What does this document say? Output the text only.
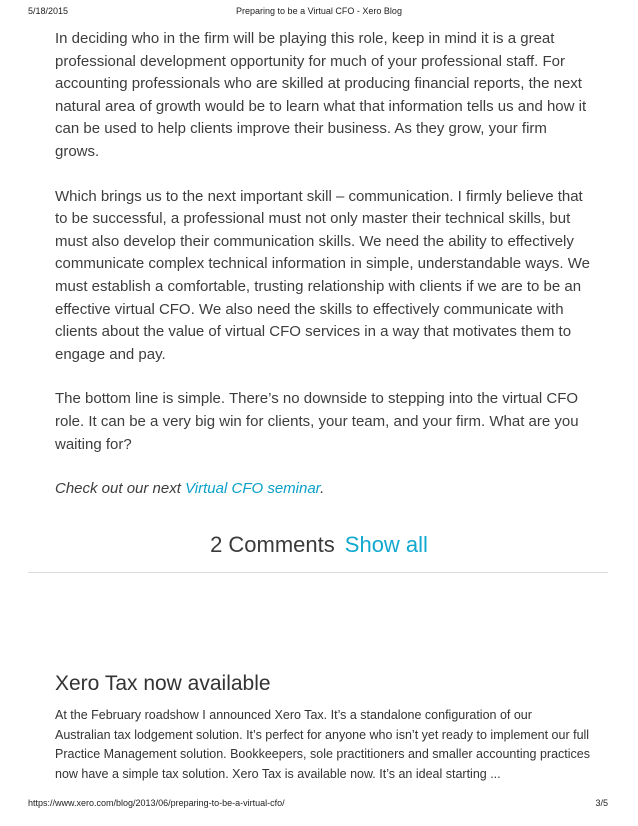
5/18/2015	Preparing to be a Virtual CFO - Xero Blog

In deciding who in the firm will be playing this role, keep in mind it is a great professional development opportunity for much of your professional staff. For accounting professionals who are skilled at producing financial reports, the next natural area of growth would be to learn what that information tells us and how it can be used to help clients improve their business. As they grow, your firm grows.

Which brings us to the next important skill – communication. I firmly believe that to be successful, a professional must not only master their technical skills, but must also develop their communication skills. We need the ability to effectively communicate complex technical information in simple, understandable ways. We must establish a comfortable, trusting relationship with clients if we are to be an effective virtual CFO. We also need the skills to effectively communicate with clients about the value of virtual CFO services in a way that motivates them to engage and pay.

The bottom line is simple. There’s no downside to stepping into the virtual CFO role. It can be a very big win for clients, your team, and your firm. What are you waiting for?

Check out our next Virtual CFO seminar.

2 Comments Show all
Xero Tax now available

At the February roadshow I announced Xero Tax. It’s a standalone configuration of our Australian tax lodgement solution. It’s perfect for anyone who isn’t yet ready to implement our full Practice Management solution. Bookkeepers, sole practitioners and smaller accounting practices now have a simple tax solution. Xero Tax is available now. It’s an ideal starting ...

https://www.xero.com/blog/2013/06/preparing-to-be-a-virtual-cfo/	3/5
